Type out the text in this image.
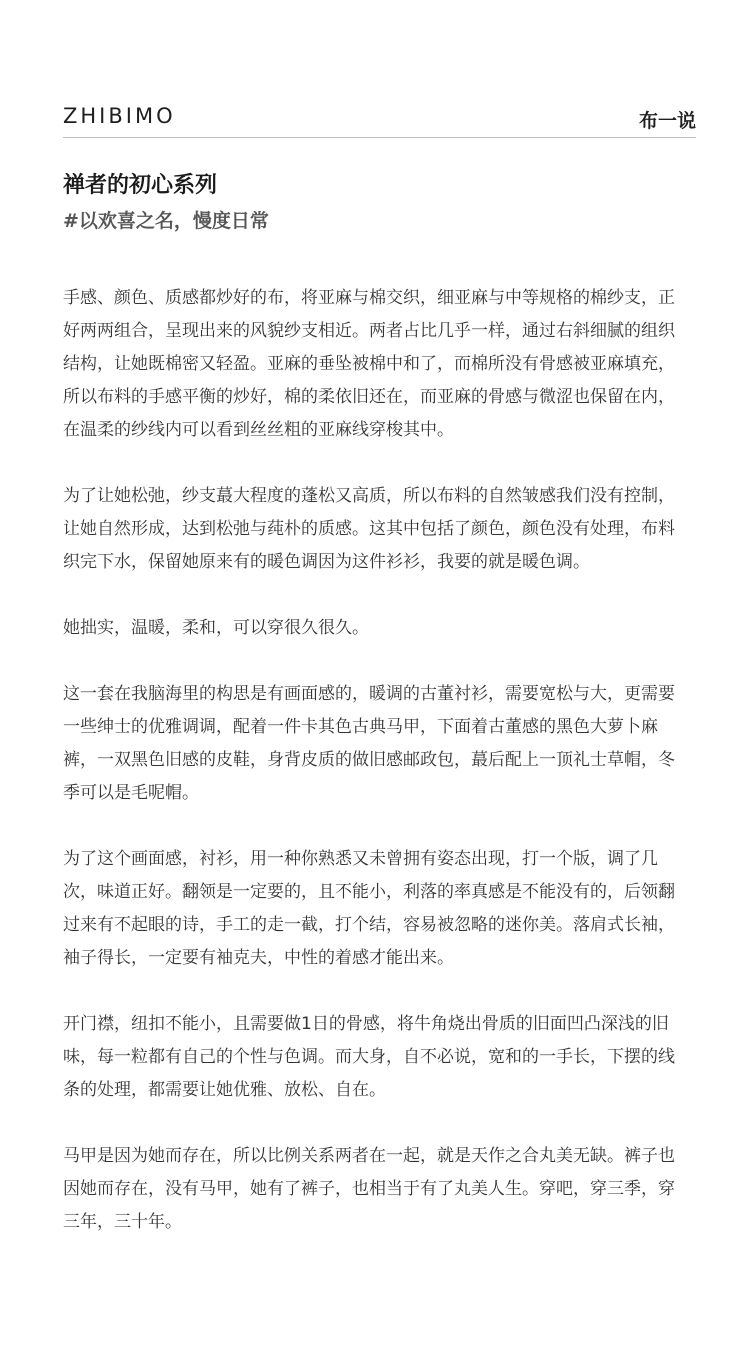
ZHIBIMO	布一说
禅者的初心系列
#以欢喜之名，慢度日常

手感、颜色、质感都炒好的布，将亚麻与棉交织，细亚麻与中等规格的棉纱支，正好两两组合，呈现出来的风貌纱支相近。两者占比几乎一样，通过右斜细腻的组织结构，让她既棉密又轻盈。亚麻的垂坠被棉中和了，而棉所没有骨感被亚麻填充，所以布料的手感平衡的炒好，棉的柔依旧还在，而亚麻的骨感与微涩也保留在内，在温柔的纱线内可以看到丝丝粗的亚麻线穿梭其中。

为了让她松弛，纱支蕞大程度的蓬松又高质，所以布料的自然皱感我们没有控制，让她自然形成，达到松弛与莼朴的质感。这其中包括了颜色，颜色没有处理，布料织完下水，保留她原来有的暖色调因为这件衫衫，我要的就是暖色调。

她拙实，温暖，柔和，可以穿很久很久。

这一套在我脑海里的构思是有画面感的，暖调的古董衬衫，需要宽松与大，更需要一些绅士的优雅调调，配着一件卡其色古典马甲，下面着古董感的黑色大萝卜麻裤，一双黑色旧感的皮鞋，身背皮质的做旧感邮政包，蕞后配上一顶礼士草帽，冬季可以是毛呢帽。

为了这个画面感，衬衫，用一种你熟悉又未曾拥有姿态出现，打一个版，调了几次，味道正好。翻领是一定要的，且不能小，利落的率真感是不能没有的，后领翻过来有不起眼的诗，手工的走一截，打个结，容易被忽略的迷你美。落肩式长袖，袖子得长，一定要有袖克夫，中性的着感才能出来。

开门襟，纽扣不能小，且需要做1日的骨感，将牛角烧出骨质的旧面凹凸深浅的旧味，每一粒都有自己的个性与色调。而大身，自不必说，宽和的一手长，下摆的线条的处理，都需要让她优雅、放松、自在。

马甲是因为她而存在，所以比例关系两者在一起，就是天作之合丸美无缺。裤子也因她而存在，没有马甲，她有了裤子，也相当于有了丸美人生。穿吧，穿三季，穿三年，三十年。
